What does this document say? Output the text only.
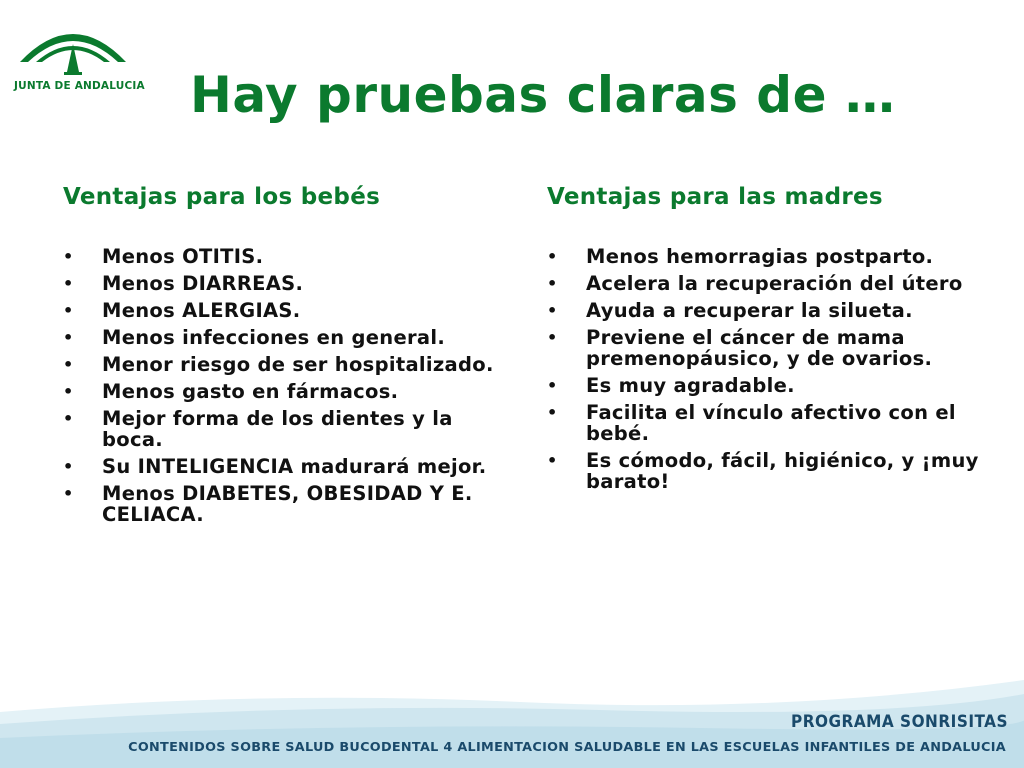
JUNTA DE ANDALUCIA Hay pruebas claras de …
Ventajas para los bebés
• Menos OTITIS.
• Menos DIARREAS.
• Menos ALERGIAS.
• Menos infecciones en general.
• Menor riesgo de ser hospitalizado.
• Menos gasto en fármacos.
• Mejor forma de los dientes y la boca.
• Su INTELIGENCIA madurará mejor.
• Menos DIABETES, OBESIDAD Y E. CELIACA.
Ventajas para las madres
• Menos hemorragias postparto.
• Acelera la recuperación del útero
• Ayuda a recuperar la silueta.
• Previene el cáncer de mama premenopáusico, y de ovarios.
• Es muy agradable.
• Facilita el vínculo afectivo con el bebé.
• Es cómodo, fácil, higiénico, y ¡muy barato!
PROGRAMA SONRISITAS
CONTENIDOS SOBRE SALUD BUCODENTAL 4 ALIMENTACION SALUDABLE EN LAS ESCUELAS INFANTILES DE ANDALUCIA
